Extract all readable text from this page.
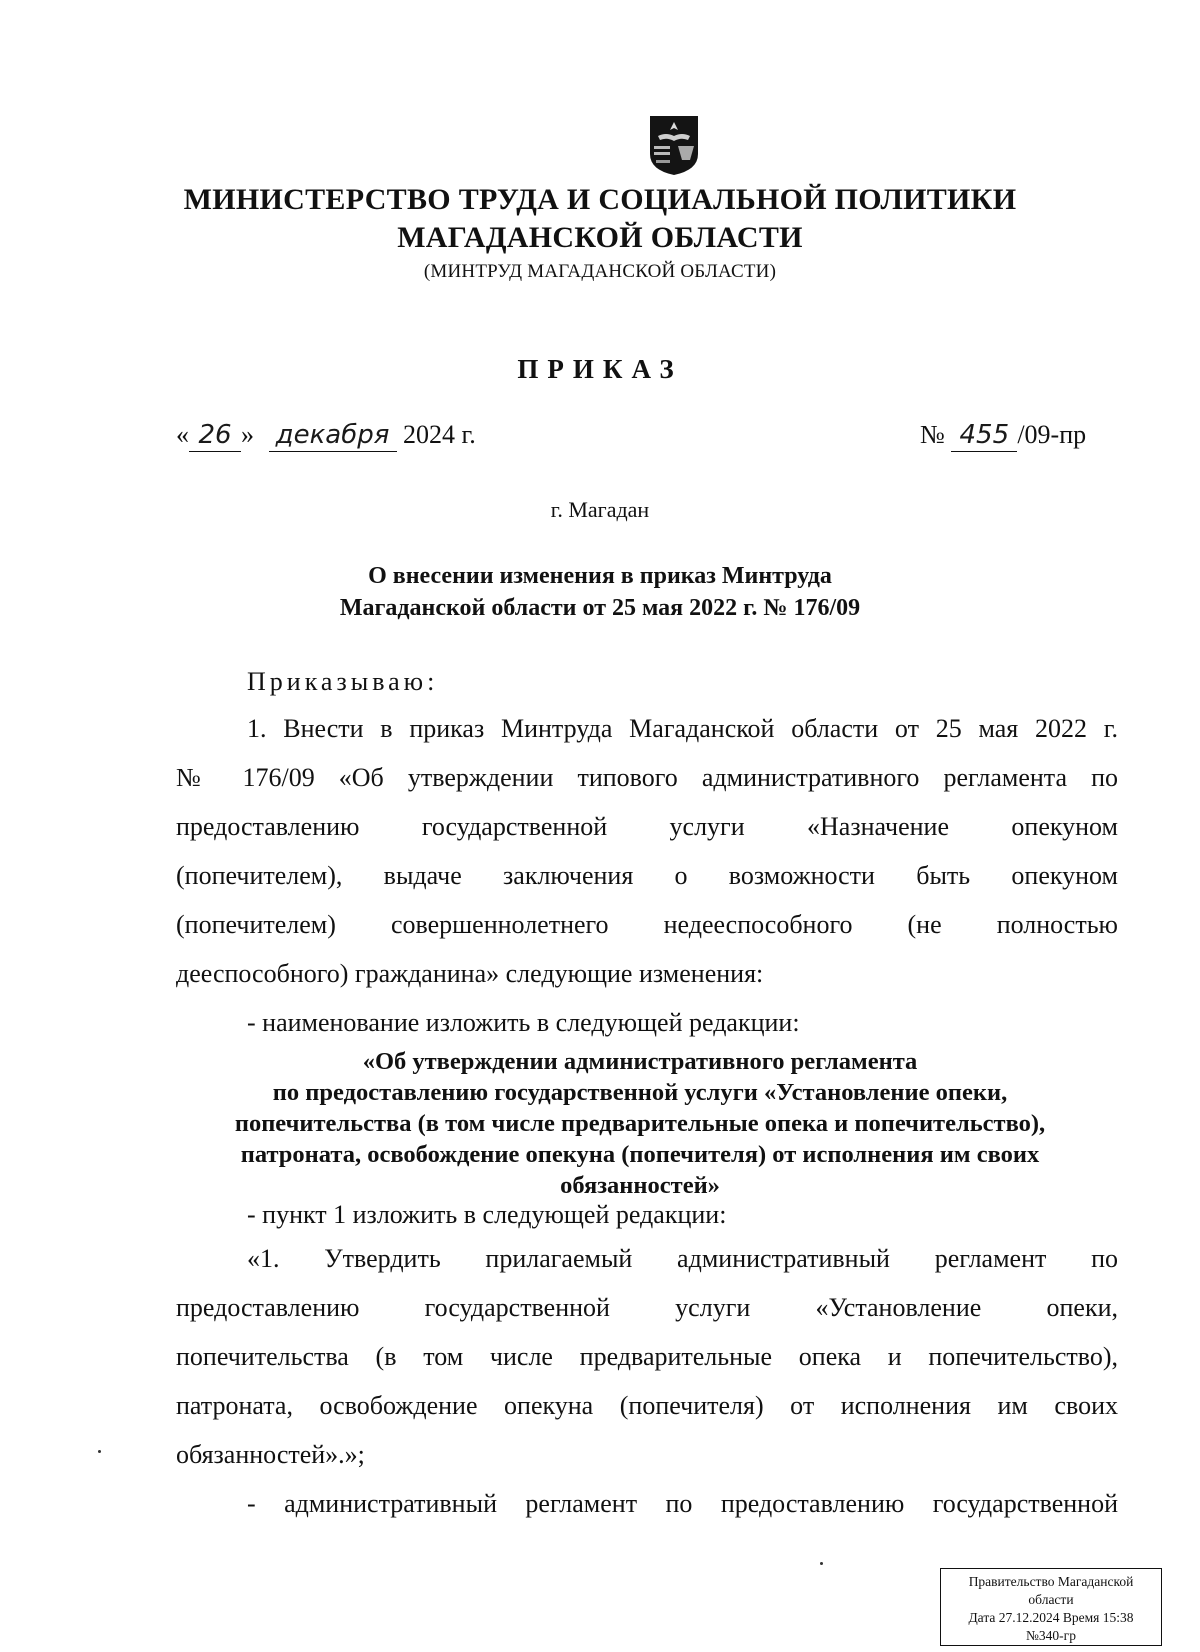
МИНИСТЕРСТВО ТРУДА И СОЦИАЛЬНОЙ ПОЛИТИКИ
МАГАДАНСКОЙ ОБЛАСТИ
(МИНТРУД МАГАДАНСКОЙ ОБЛАСТИ)
ПРИКАЗ
« 26 » декабря 2024 г.	№ 455 /09-пр
г. Магадан
О внесении изменения в приказ Минтруда
Магаданской области от 25 мая 2022 г. № 176/09
Приказываю:
1. Внести в приказ Минтруда Магаданской области от 25 мая 2022 г.
№ 176/09 «Об утверждении типового административного регламента по
предоставлению государственной услуги «Назначение опекуном
(попечителем), выдаче заключения о возможности быть опекуном
(попечителем) совершеннолетнего недееспособного (не полностью
дееспособного) гражданина» следующие изменения:
- наименование изложить в следующей редакции:
«Об утверждении административного регламента
по предоставлению государственной услуги «Установление опеки,
попечительства (в том числе предварительные опека и попечительство),
патроната, освобождение опекуна (попечителя) от исполнения им своих
обязанностей»
- пункт 1 изложить в следующей редакции:
«1. Утвердить прилагаемый административный регламент по
предоставлению государственной услуги «Установление опеки,
попечительства (в том числе предварительные опека и попечительство),
патроната, освобождение опекуна (попечителя) от исполнения им своих
обязанностей».»;
- административный регламент по предоставлению государственной
Правительство Магаданской
области
Дата 27.12.2024 Время 15:38
№340-гр
